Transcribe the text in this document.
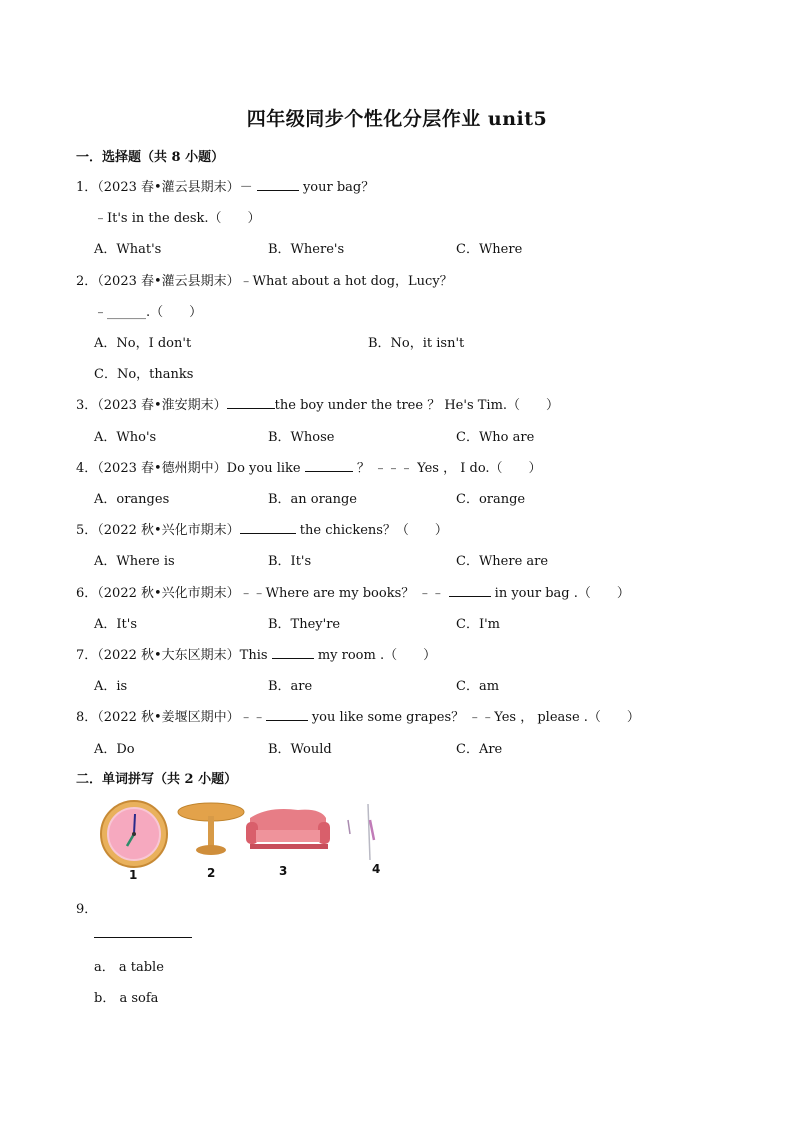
四年级同步个性化分层作业 unit5
一．选择题（共 8 小题）
1．（2023 春•灌云县期末）－	your bag？
﹣It's in the desk.（　　）
A．What's	B．Where's	C．Where
2．（2023 春•灌云县期末）﹣What about a hot dog，Lucy？
﹣______.（　　）
A．No，I don't	B．No，it isn't
C．No，thanks
3．（2023 春•淮安期末）	the boy under the tree ？ He's Tim.（　　）
A．Who's	B．Whose	C．Who are
4．（2023 春•德州期中）Do you like	？ ﹣﹣﹣ Yes ， I do.（　　）
A．oranges	B．an orange	C．orange
5．（2022 秋•兴化市期末）	the chickens？（　　）
A．Where is	B．It's	C．Where are
6．（2022 秋•兴化市期末）﹣﹣Where are my books？ ﹣﹣	in your bag .（　　）
A．It's	B．They're	C．I'm
7．（2022 秋•大东区期末）This	my room .（　　）
A．is	B．are	C．am
8．（2022 秋•姜堰区期中）﹣﹣	you like some grapes？ ﹣﹣Yes ， please .（　　）
A．Do	B．Would	C．Are
二．单词拼写（共 2 小题）
1	2	3	4
9．
a． a table
b． a sofa
